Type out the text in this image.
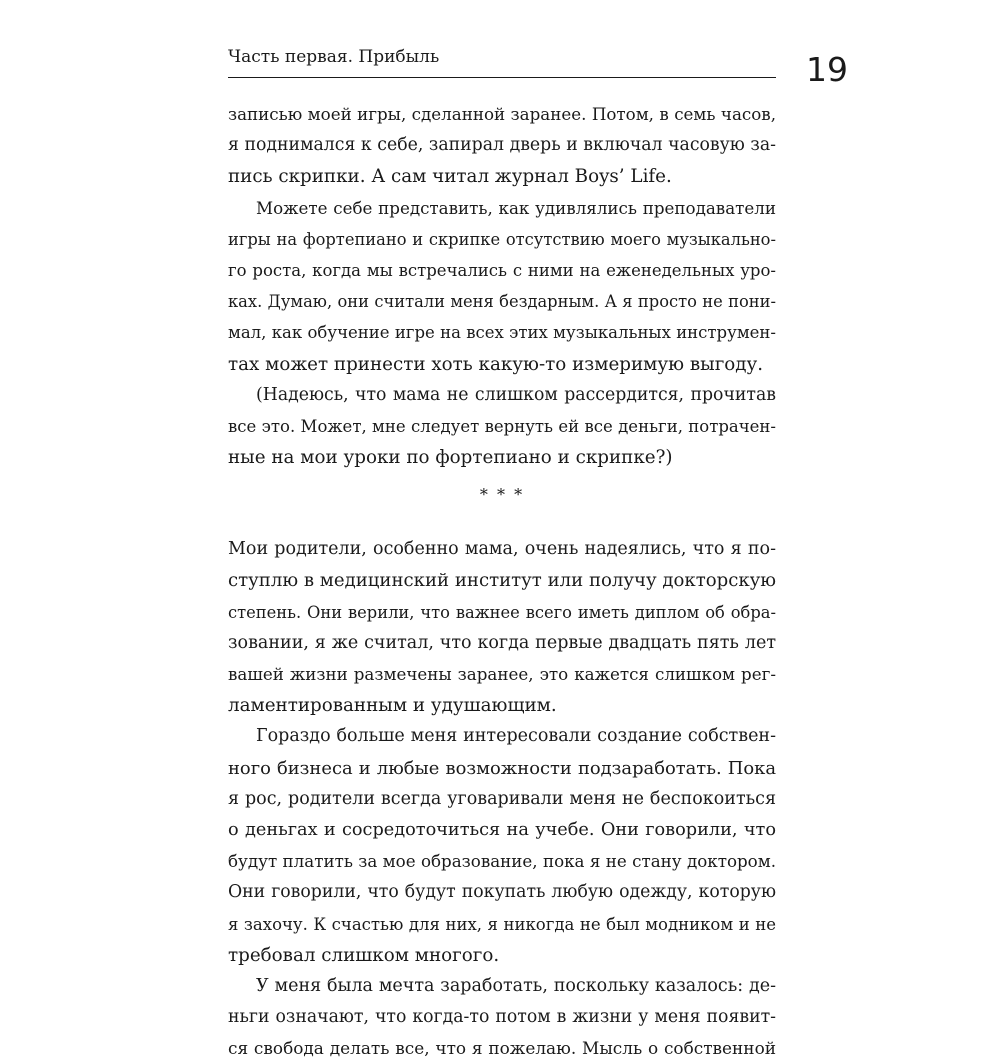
Часть первая. Прибыль	19
записью моей игры, сделанной заранее. Потом, в семь часов,
я поднимался к себе, запирал дверь и включал часовую за-
пись скрипки. А сам читал журнал Boys’ Life.
Можете себе представить, как удивлялись преподаватели
игры на фортепиано и скрипке отсутствию моего музыкально-
го роста, когда мы встречались с ними на еженедельных уро-
ках. Думаю, они считали меня бездарным. А я просто не пони-
мал, как обучение игре на всех этих музыкальных инструмен-
тах может принести хоть какую-то измеримую выгоду.
(Надеюсь, что мама не слишком рассердится, прочитав
все это. Может, мне следует вернуть ей все деньги, потрачен-
ные на мои уроки по фортепиано и скрипке?)
* * *
Мои родители, особенно мама, очень надеялись, что я по-
ступлю в медицинский институт или получу докторскую
степень. Они верили, что важнее всего иметь диплом об обра-
зовании, я же считал, что когда первые двадцать пять лет
вашей жизни размечены заранее, это кажется слишком рег-
ламентированным и удушающим.
Гораздо больше меня интересовали создание собствен-
ного бизнеса и любые возможности подзаработать. Пока
я рос, родители всегда уговаривали меня не беспокоиться
о деньгах и сосредоточиться на учебе. Они говорили, что
будут платить за мое образование, пока я не стану доктором.
Они говорили, что будут покупать любую одежду, которую
я захочу. К счастью для них, я никогда не был модником и не
требовал слишком многого.
У меня была мечта заработать, поскольку казалось: де-
ньги означают, что когда-то потом в жизни у меня появит-
ся свобода делать все, что я пожелаю. Мысль о собственной
